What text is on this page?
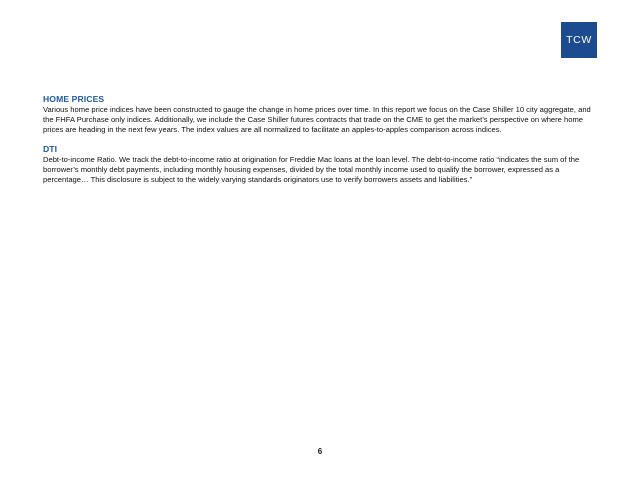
TCW
HOME PRICES

Various home price indices have been constructed to gauge the change in home prices over time. In this report we focus on the Case Shiller 10 city aggregate, and the FHFA Purchase only indices. Additionally, we include the Case Shiller futures contracts that trade on the CME to get the market’s perspective on where home prices are heading in the next few years. The index values are all normalized to facilitate an apples-to-apples comparison across indices.

DTI

Debt-to-income Ratio. We track the debt-to-income ratio at origination for Freddie Mac loans at the loan level. The debt-to-income ratio “indicates the sum of the borrower’s monthly debt payments, including monthly housing expenses, divided by the total monthly income used to qualify the borrower, expressed as a percentage… This disclosure is subject to the widely varying standards originators use to verify borrowers assets and liabilities.”

6
